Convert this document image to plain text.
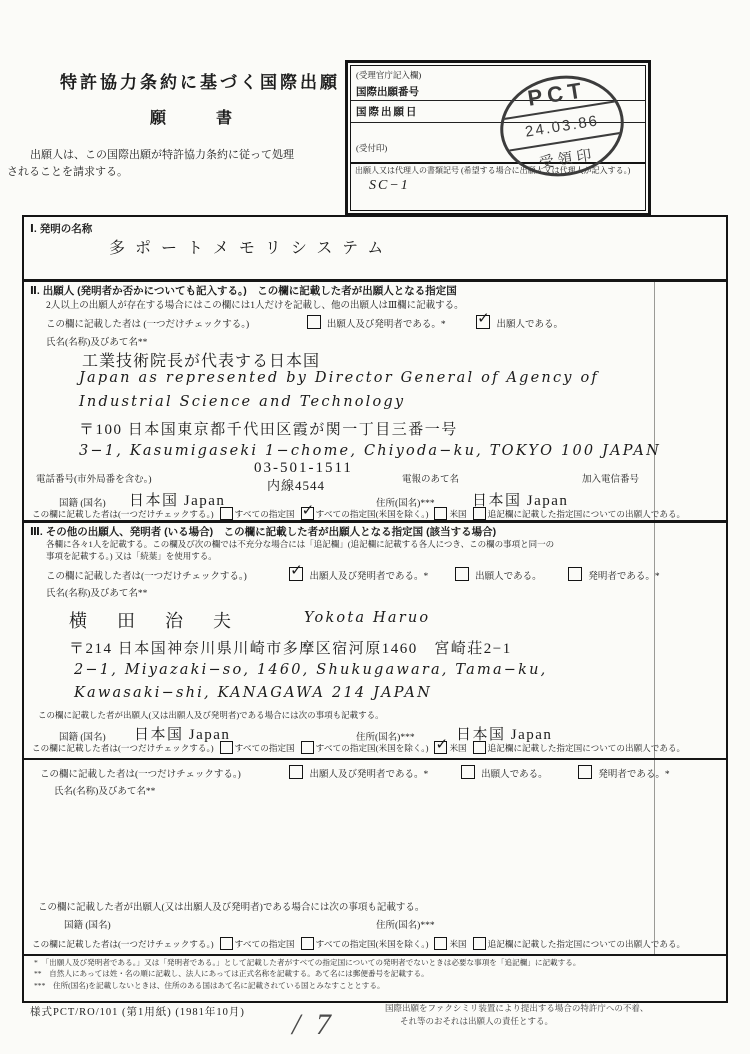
特許協力条約に基づく国際出願
願　　書
出願人は、この国際出願が特許協力条約に従って処理
されることを請求する。
(受理官庁記入欄)
国際出願番号
国際出願日
(受付印)
出願人又は代理人の書類記号 (希望する場合に出願人又は代理人が記入する。) SC−1
PCT
24.03.86
受領印
Ⅰ. 発明の名称
多ポートメモリシステム
Ⅱ. 出願人 (発明者か否かについても記入する。)　この欄に記載した者が出願人となる指定国
2人以上の出願人が存在する場合にはこの欄には1人だけを記載し、他の出願人はⅢ欄に記載する。
この欄に記載した者は (一つだけチェックする。)	出願人及び発明者である。* ✓ 出願人である。
氏名(名称)及びあて名**
工業技術院長が代表する日本国
Japan as represented by Director General of Agency of
Industrial Science and Technology
〒100 日本国東京都千代田区霞が関一丁目三番一号
3−1, Kasumigaseki 1−chome, Chiyoda−ku, TOKYO 100 JAPAN
03-501-1511
電話番号(市外局番を含む。)	内線4544	電報のあて名	加入電信番号
国籍 (国名) 日本国 Japan	住所(国名)*** 日本国 Japan
この欄に記載した者は(一つだけチェックする。) すべての指定国 ✓ すべての指定国(米国を除く。) 米国 追記欄に記載した指定国についての出願人である。
Ⅲ. その他の出願人、発明者 (いる場合)　この欄に記載した者が出願人となる指定国 (該当する場合)
各欄に各々1人を記載する。この欄及び次の欄では不充分な場合には「追記欄」(追記欄に記載する各人につき、この欄の事項と同一の
事項を記載する。) 又は「続葉」を使用する。
この欄に記載した者は(一つだけチェックする。)	✓ 出願人及び発明者である。*	出願人である。	発明者である。*
氏名(名称)及びあて名**
横　田　治　夫	Yokota Haruo
〒214 日本国神奈川県川崎市多摩区宿河原1460　宮崎荘2−1
2−1, Miyazaki−so, 1460, Shukugawara, Tama−ku,
Kawasaki−shi, KANAGAWA 214 JAPAN
この欄に記載した者が出願人(又は出願人及び発明者)である場合には次の事項も記載する。
国籍 (国名) 日本国 Japan	住所(国名)***	日本国 Japan
この欄に記載した者は(一つだけチェックする。) すべての指定国 すべての指定国(米国を除く。) ✓ 米国 追記欄に記載した指定国についての出願人である。
この欄に記載した者は(一つだけチェックする。)	出願人及び発明者である。*	出願人である。	発明者である。*
氏名(名称)及びあて名**
この欄に記載した者が出願人(又は出願人及び発明者)である場合には次の事項も記載する。
国籍 (国名)	住所(国名)***
この欄に記載した者は(一つだけチェックする。) すべての指定国 すべての指定国(米国を除く。) 米国 追記欄に記載した指定国についての出願人である。
*　「出願人及び発明者である。」又は「発明者である。」として記載した者がすべての指定国についての発明者でないときは必要な事項を「追記欄」に記載する。
**　自然人にあっては姓・名の順に記載し、法人にあっては正式名称を記載する。あて名には郵便番号を記載する。
***　住所(国名)を記載しないときは、住所のある国はあて名に記載されている国とみなすこととする。
様式PCT/RO/101 (第1用紙) (1981年10月)	国際出願をファクシミリ装置により提出する場合の特許庁への不着、
それ等のおそれは出願人の責任とする。
/ 7
